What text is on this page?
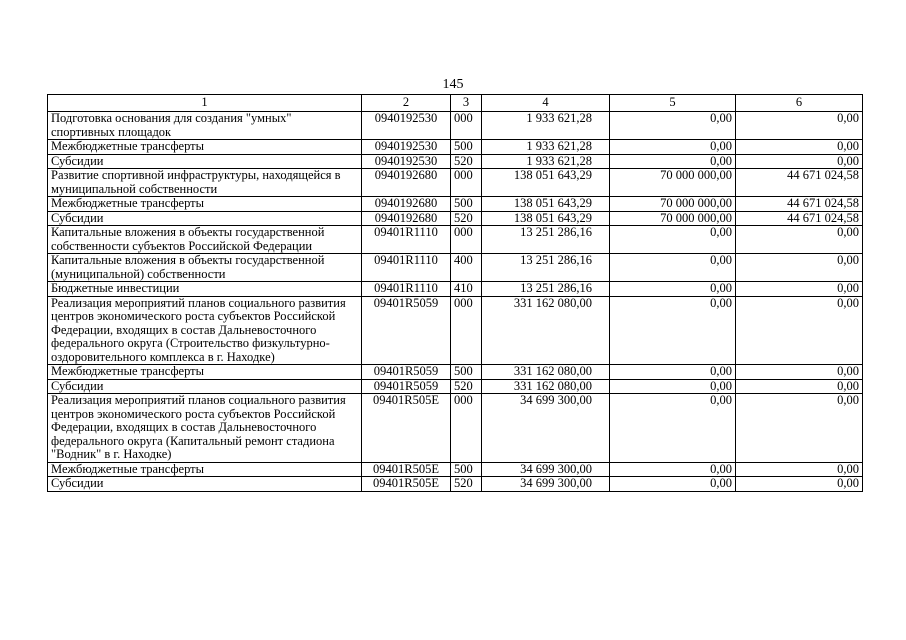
145
1	2	3	4	5	6
Подготовка основания для создания "умных" спортивных площадок	0940192530	000	1 933 621,28	0,00	0,00
Межбюджетные трансферты	0940192530	500	1 933 621,28	0,00	0,00
Субсидии	0940192530	520	1 933 621,28	0,00	0,00
Развитие спортивной инфраструктуры, находящейся в муниципальной собственности	0940192680	000	138 051 643,29	70 000 000,00	44 671 024,58
Межбюджетные трансферты	0940192680	500	138 051 643,29	70 000 000,00	44 671 024,58
Субсидии	0940192680	520	138 051 643,29	70 000 000,00	44 671 024,58
Капитальные вложения в объекты государственной собственности субъектов Российской Федерации	09401R1110	000	13 251 286,16	0,00	0,00
Капитальные вложения в объекты государственной (муниципальной) собственности	09401R1110	400	13 251 286,16	0,00	0,00
Бюджетные инвестиции	09401R1110	410	13 251 286,16	0,00	0,00
Реализация мероприятий планов социального развития центров экономического роста субъектов Российской Федерации, входящих в состав Дальневосточного федерального округа (Строительство физкультурно-оздоровительного комплекса в г. Находке)	09401R5059	000	331 162 080,00	0,00	0,00
Межбюджетные трансферты	09401R5059	500	331 162 080,00	0,00	0,00
Субсидии	09401R5059	520	331 162 080,00	0,00	0,00
Реализация мероприятий планов социального развития центров экономического роста субъектов Российской Федерации, входящих в состав Дальневосточного федерального округа (Капитальный ремонт стадиона "Водник" в г. Находке)	09401R505E	000	34 699 300,00	0,00	0,00
Межбюджетные трансферты	09401R505E	500	34 699 300,00	0,00	0,00
Субсидии	09401R505E	520	34 699 300,00	0,00	0,00
